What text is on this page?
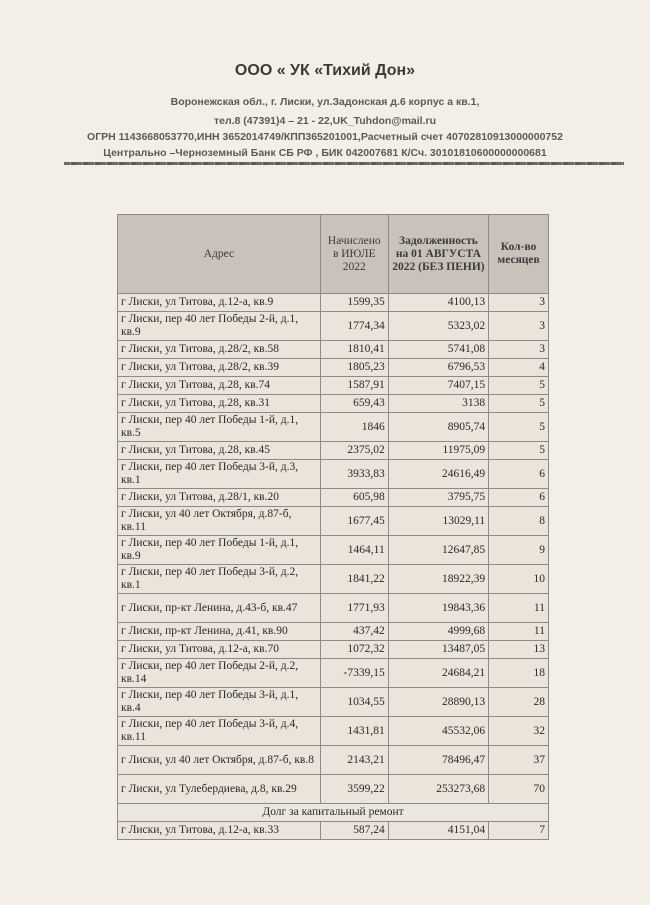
ООО « УК «Тихий Дон»
Воронежская обл., г. Лиски, ул.Задонская д.6 корпус а кв.1,
тел.8 (47391)4 – 21 - 22,UK_Tuhdon@mail.ru
ОГРН 1143668053770,ИНН 3652014749/КПП365201001,Расчетный счет 40702810913000000752
Центрально –Черноземный Банк СБ РФ , БИК 042007681 К/Сч. 30101810600000000681
Адрес	Начислено в ИЮЛЕ 2022	Задолженность на 01 АВГУСТА 2022 (БЕЗ ПЕНИ)	Кол-во месяцев
г Лиски, ул Титова, д.12-а, кв.9	1599,35	4100,13	3
г Лиски, пер 40 лет Победы 2-й, д.1, кв.9	1774,34	5323,02	3
г Лиски, ул Титова, д.28/2, кв.58	1810,41	5741,08	3
г Лиски, ул Титова, д.28/2, кв.39	1805,23	6796,53	4
г Лиски, ул Титова, д.28, кв.74	1587,91	7407,15	5
г Лиски, ул Титова, д.28, кв.31	659,43	3138	5
г Лиски, пер 40 лет Победы 1-й, д.1, кв.5	1846	8905,74	5
г Лиски, ул Титова, д.28, кв.45	2375,02	11975,09	5
г Лиски, пер 40 лет Победы 3-й, д.3, кв.1	3933,83	24616,49	6
г Лиски, ул Титова, д.28/1, кв.20	605,98	3795,75	6
г Лиски, ул 40 лет Октября, д.87-б, кв.11	1677,45	13029,11	8
г Лиски, пер 40 лет Победы 1-й, д.1, кв.9	1464,11	12647,85	9
г Лиски, пер 40 лет Победы 3-й, д.2, кв.1	1841,22	18922,39	10
г Лиски, пр-кт Ленина, д.43-б, кв.47	1771,93	19843,36	11
г Лиски, пр-кт Ленина, д.41, кв.90	437,42	4999,68	11
г Лиски, ул Титова, д.12-а, кв.70	1072,32	13487,05	13
г Лиски, пер 40 лет Победы 2-й, д.2, кв.14	-7339,15	24684,21	18
г Лиски, пер 40 лет Победы 3-й, д.1, кв.4	1034,55	28890,13	28
г Лиски, пер 40 лет Победы 3-й, д.4, кв.11	1431,81	45532,06	32
г Лиски, ул 40 лет Октября, д.87-б, кв.8	2143,21	78496,47	37
г Лиски, ул Тулебердиева, д.8, кв.29	3599,22	253273,68	70
Долг за капитальный ремонт			
г Лиски, ул Титова, д.12-а, кв.33	587,24	4151,04	7
